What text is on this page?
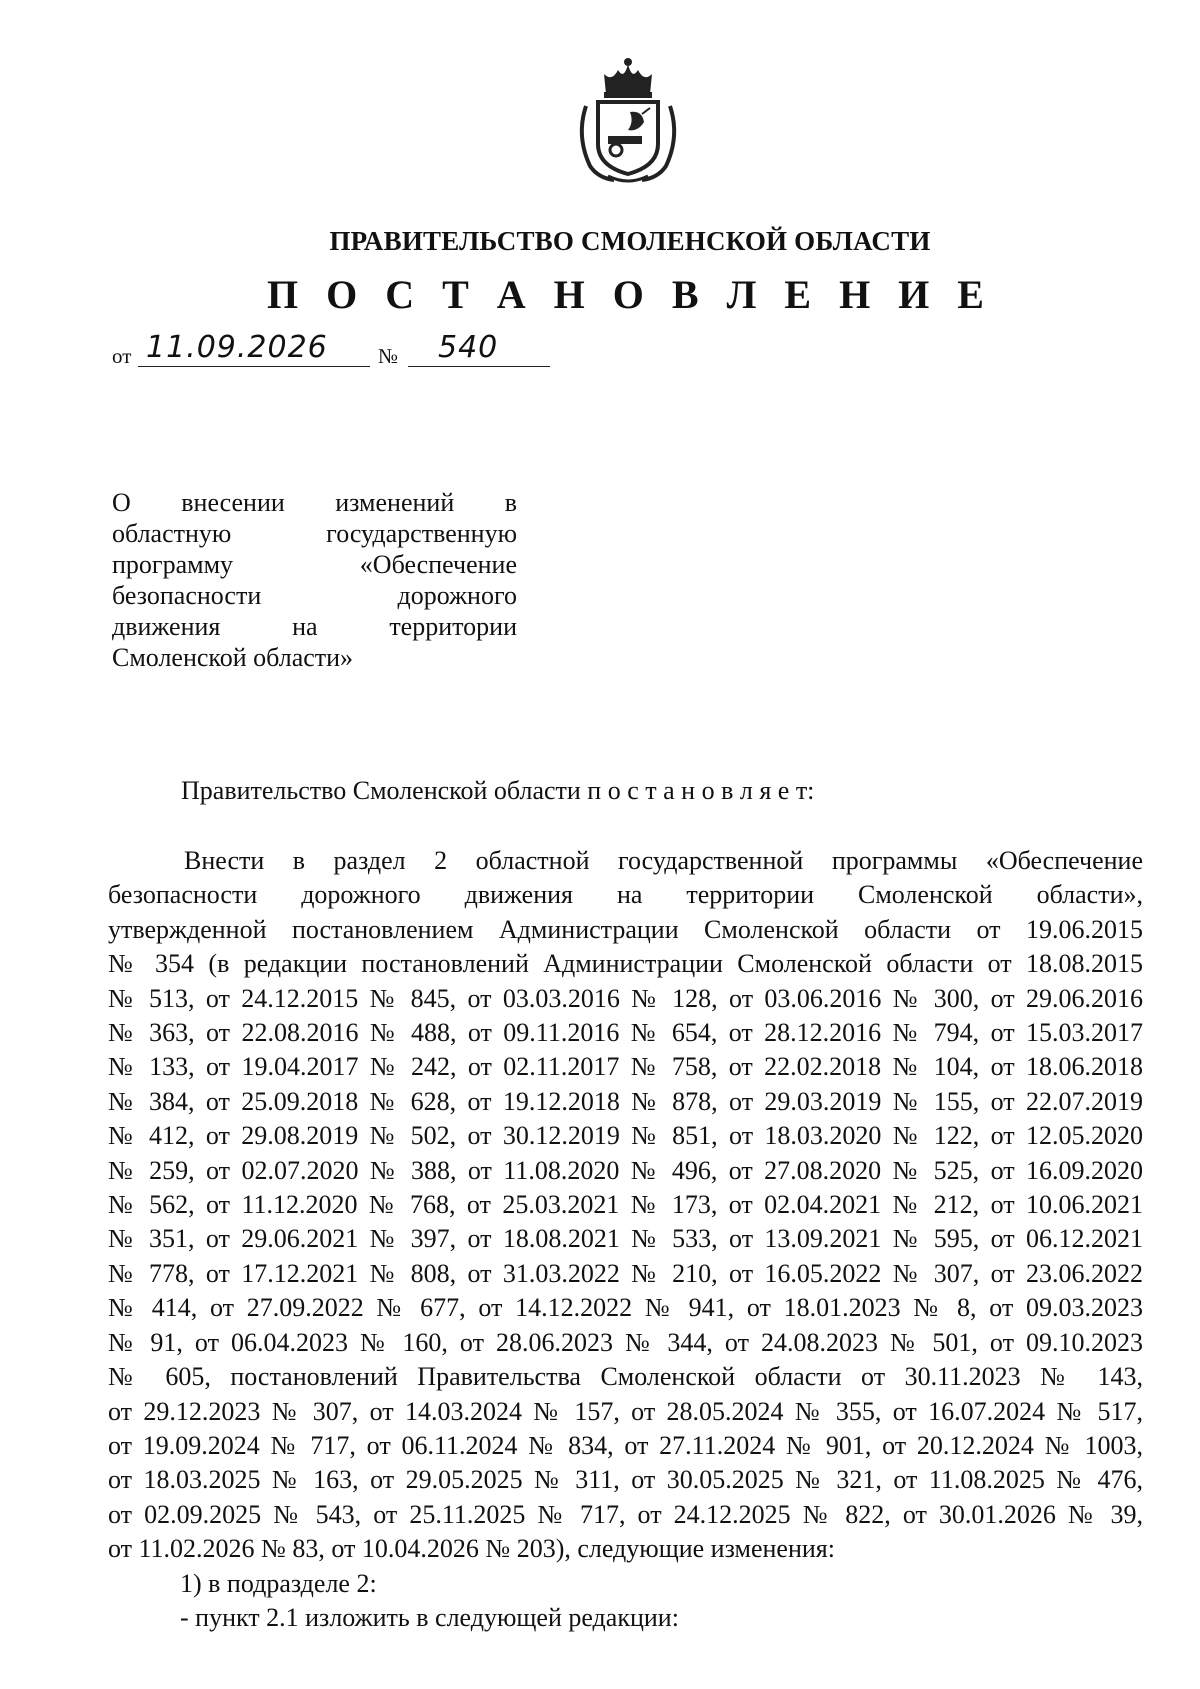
ПРАВИТЕЛЬСТВО СМОЛЕНСКОЙ ОБЛАСТИ
П О С Т А Н О В Л Е Н И Е
от 11.09.2026 № 540
О внесении изменений в
областную государственную
программу «Обеспечение
безопасности дорожного
движения на территории
Смоленской области»
Правительство Смоленской области п о с т а н о в л я е т:
Внести в раздел 2 областной государственной программы «Обеспечение
безопасности дорожного движения на территории Смоленской области»,
утвержденной постановлением Администрации Смоленской области от 19.06.2015
№ 354 (в редакции постановлений Администрации Смоленской области от 18.08.2015
№ 513, от 24.12.2015 № 845, от 03.03.2016 № 128, от 03.06.2016 № 300, от 29.06.2016
№ 363, от 22.08.2016 № 488, от 09.11.2016 № 654, от 28.12.2016 № 794, от 15.03.2017
№ 133, от 19.04.2017 № 242, от 02.11.2017 № 758, от 22.02.2018 № 104, от 18.06.2018
№ 384, от 25.09.2018 № 628, от 19.12.2018 № 878, от 29.03.2019 № 155, от 22.07.2019
№ 412, от 29.08.2019 № 502, от 30.12.2019 № 851, от 18.03.2020 № 122, от 12.05.2020
№ 259, от 02.07.2020 № 388, от 11.08.2020 № 496, от 27.08.2020 № 525, от 16.09.2020
№ 562, от 11.12.2020 № 768, от 25.03.2021 № 173, от 02.04.2021 № 212, от 10.06.2021
№ 351, от 29.06.2021 № 397, от 18.08.2021 № 533, от 13.09.2021 № 595, от 06.12.2021
№ 778, от 17.12.2021 № 808, от 31.03.2022 № 210, от 16.05.2022 № 307, от 23.06.2022
№ 414, от 27.09.2022 № 677, от 14.12.2022 № 941, от 18.01.2023 № 8, от 09.03.2023
№ 91, от 06.04.2023 № 160, от 28.06.2023 № 344, от 24.08.2023 № 501, от 09.10.2023
№ 605, постановлений Правительства Смоленской области от 30.11.2023 № 143,
от 29.12.2023 № 307, от 14.03.2024 № 157, от 28.05.2024 № 355, от 16.07.2024 № 517,
от 19.09.2024 № 717, от 06.11.2024 № 834, от 27.11.2024 № 901, от 20.12.2024 № 1003,
от 18.03.2025 № 163, от 29.05.2025 № 311, от 30.05.2025 № 321, от 11.08.2025 № 476,
от 02.09.2025 № 543, от 25.11.2025 № 717, от 24.12.2025 № 822, от 30.01.2026 № 39,
от 11.02.2026 № 83, от 10.04.2026 № 203), следующие изменения:
1) в подразделе 2:
- пункт 2.1 изложить в следующей редакции:
